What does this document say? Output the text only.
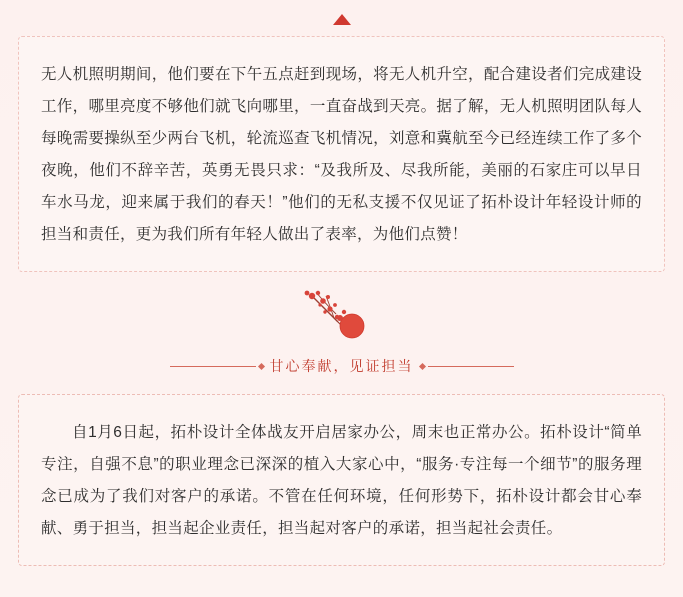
无人机照明期间，他们要在下午五点赶到现场，将无人机升空，配合建设者们完成建设工作，哪里亮度不够他们就飞向哪里，一直奋战到天亮。据了解，无人机照明团队每人每晚需要操纵至少两台飞机，轮流巡查飞机情况，刘意和冀航至今已经连续工作了多个夜晚，他们不辞辛苦，英勇无畏只求：“及我所及、尽我所能，美丽的石家庄可以早日车水马龙，迎来属于我们的春天！”他们的无私支援不仅见证了拓朴设计年轻设计师的担当和责任，更为我们所有年轻人做出了表率，为他们点赞！

甘心奉献，见证担当

自1月6日起，拓朴设计全体战友开启居家办公，周末也正常办公。拓朴设计“简单专注，自强不息”的职业理念已深深的植入大家心中，“服务·专注每一个细节”的服务理念已成为了我们对客户的承诺。不管在任何环境，任何形势下，拓朴设计都会甘心奉献、勇于担当，担当起企业责任，担当起对客户的承诺，担当起社会责任。
